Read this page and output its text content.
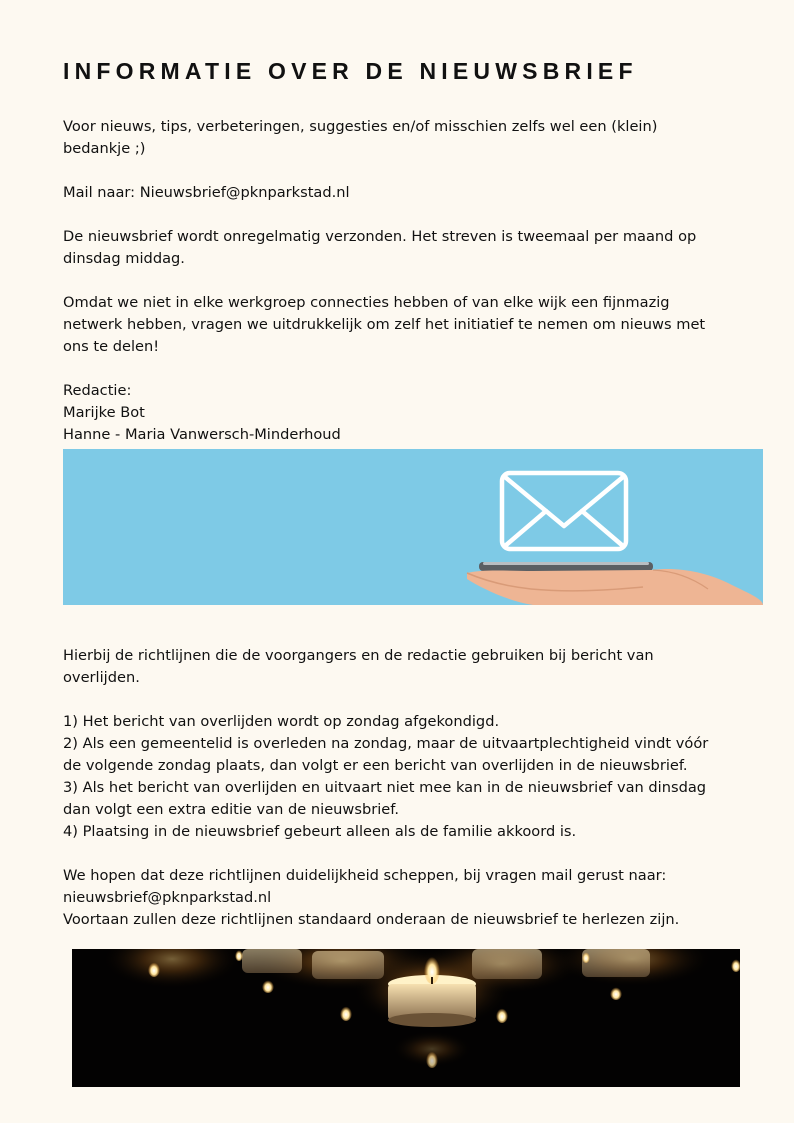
INFORMATIE OVER DE NIEUWSBRIEF
Voor nieuws, tips, verbeteringen, suggesties en/of misschien zelfs wel een (klein)
bedankje ;)
Mail naar: Nieuwsbrief@pknparkstad.nl
De nieuwsbrief wordt onregelmatig verzonden. Het streven is tweemaal per maand op
dinsdag middag.
Omdat we niet in elke werkgroep connecties hebben of van elke wijk een fijnmazig
netwerk hebben, vragen we uitdrukkelijk om zelf het initiatief te nemen om nieuws met
ons te delen!
Redactie:
Marijke Bot
Hanne - Maria Vanwersch-Minderhoud
Hierbij de richtlijnen die de voorgangers en de redactie gebruiken bij bericht van
overlijden.
1) Het bericht van overlijden wordt op zondag afgekondigd.
2) Als een gemeentelid is overleden na zondag, maar de uitvaartplechtigheid vindt vóór
de volgende zondag plaats, dan volgt er een bericht van overlijden in de nieuwsbrief.
3) Als het bericht van overlijden en uitvaart niet mee kan in de nieuwsbrief van dinsdag
dan volgt een extra editie van de nieuwsbrief.
4) Plaatsing in de nieuwsbrief gebeurt alleen als de familie akkoord is.
We hopen dat deze richtlijnen duidelijkheid scheppen, bij vragen mail gerust naar:
nieuwsbrief@pknparkstad.nl
Voortaan zullen deze richtlijnen standaard onderaan de nieuwsbrief te herlezen zijn.
